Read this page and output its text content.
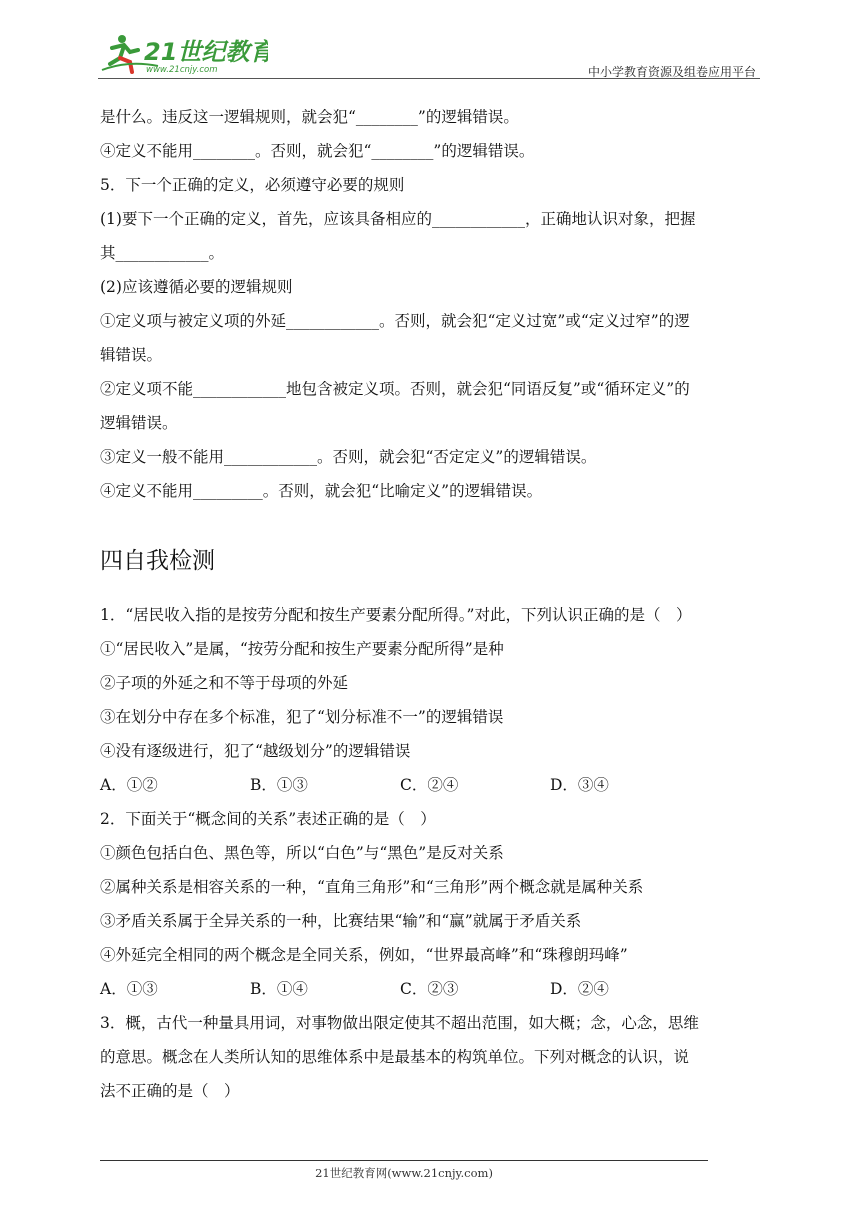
21世纪教育
www.21cnjy.com	中小学教育资源及组卷应用平台
是什么。违反这一逻辑规则，就会犯“________”的逻辑错误。
④定义不能用________。否则，就会犯“________”的逻辑错误。
5．下一个正确的定义，必须遵守必要的规则
(1)要下一个正确的定义，首先，应该具备相应的____________，正确地认识对象，把握
其____________。
(2)应该遵循必要的逻辑规则
①定义项与被定义项的外延____________。否则，就会犯“定义过宽”或“定义过窄”的逻
辑错误。
②定义项不能____________地包含被定义项。否则，就会犯“同语反复”或“循环定义”的
逻辑错误。
③定义一般不能用____________。否则，就会犯“否定定义”的逻辑错误。
④定义不能用_________。否则，就会犯“比喻定义”的逻辑错误。
四自我检测
1．“居民收入指的是按劳分配和按生产要素分配所得。”对此，下列认识正确的是（　）
①“居民收入”是属，“按劳分配和按生产要素分配所得”是种
②子项的外延之和不等于母项的外延
③在划分中存在多个标准，犯了“划分标准不一”的逻辑错误
④没有逐级进行，犯了“越级划分”的逻辑错误
A．①②	B．①③	C．②④	D．③④
2．下面关于“概念间的关系”表述正确的是（　）
①颜色包括白色、黑色等，所以“白色”与“黑色”是反对关系
②属种关系是相容关系的一种，“直角三角形”和“三角形”两个概念就是属种关系
③矛盾关系属于全异关系的一种，比赛结果“输”和“赢”就属于矛盾关系
④外延完全相同的两个概念是全同关系，例如，“世界最高峰”和“珠穆朗玛峰”
A．①③	B．①④	C．②③	D．②④
3．概，古代一种量具用词，对事物做出限定使其不超出范围，如大概；念，心念，思维
的意思。概念在人类所认知的思维体系中是最基本的构筑单位。下列对概念的认识，说
法不正确的是（　）
21世纪教育网(www.21cnjy.com)
